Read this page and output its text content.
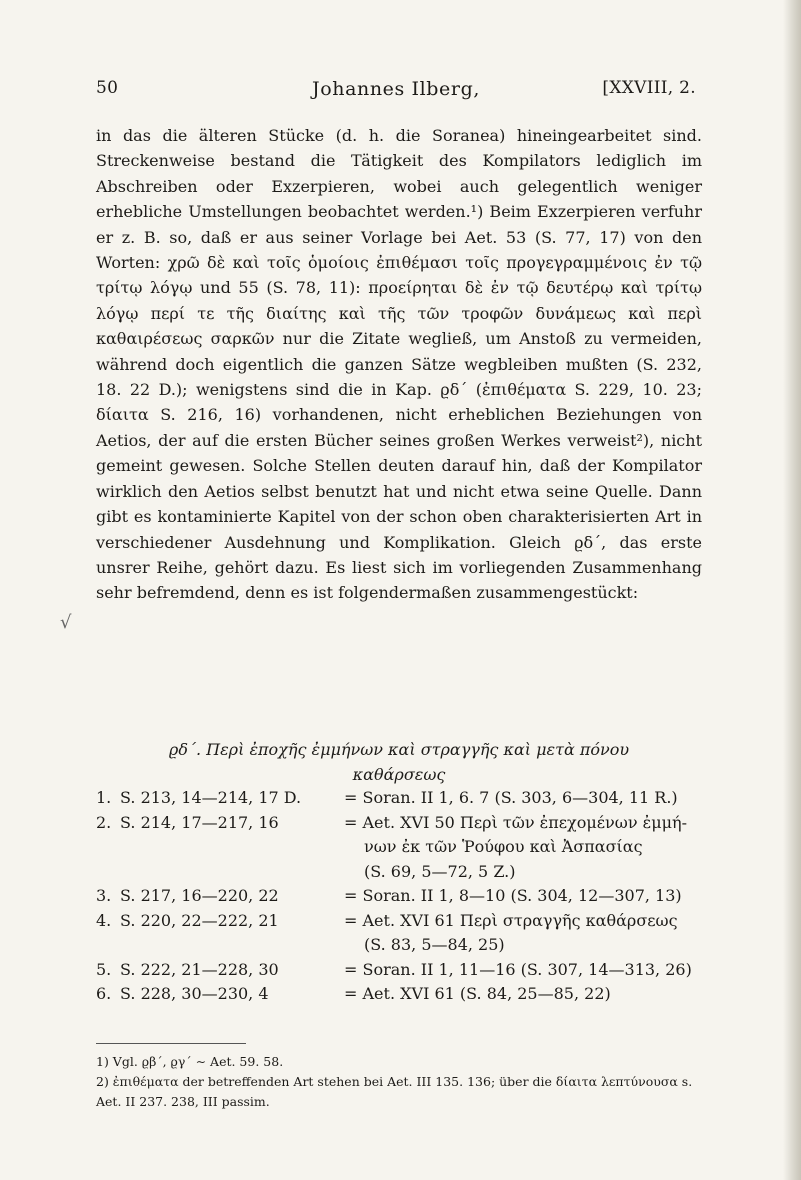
50	Johannes Ilberg,	[XXVIII, 2.

in das die älteren Stücke (d. h. die Soranea) hineingearbeitet sind. Streckenweise bestand die Tätigkeit des Kompilators lediglich im Abschreiben oder Exzerpieren, wobei auch gelegentlich weniger erhebliche Umstellungen beobachtet werden.¹) Beim Exzerpieren verfuhr er z. B. so, daß er aus seiner Vorlage bei Aet. 53 (S. 77, 17) von den Worten: χρῶ δὲ καὶ τοῖς ὁμοίοις ἐπιθέμασι τοῖς προγεγραμμένοις ἐν τῷ τρίτῳ λόγῳ und 55 (S. 78, 11): προείρηται δὲ ἐν τῷ δευτέρῳ καὶ τρίτῳ λόγῳ περί τε τῆς διαίτης καὶ τῆς τῶν τροφῶν δυνάμεως καὶ περὶ καθαιρέσεως σαρκῶν nur die Zitate wegließ, um Anstoß zu vermeiden, während doch eigentlich die ganzen Sätze wegbleiben mußten (S. 232, 18. 22 D.); wenigstens sind die in Kap. ϱδ´ (ἐπιθέματα S. 229, 10. 23; δίαιτα S. 216, 16) vorhandenen, nicht erheblichen Beziehungen von Aetios, der auf die ersten Bücher seines großen Werkes verweist²), nicht gemeint gewesen. Solche Stellen deuten darauf hin, daß der Kompilator wirklich den Aetios selbst benutzt hat und nicht etwa seine Quelle. Dann gibt es kontaminierte Kapitel von der schon oben charakterisierten Art in verschiedener Ausdehnung und Komplikation. Gleich ϱδ´, das erste unsrer Reihe, gehört dazu. Es liest sich im vorliegenden Zusammenhang sehr befremdend, denn es ist folgendermaßen zusammengestückt:

√
ϱδ´. Περὶ ἐποχῆς ἐμμήνων καὶ στραγγῆς καὶ μετὰ πόνου
καθάρσεως
1. S. 213, 14—214, 17 D.	= Soran. II 1, 6. 7 (S. 303, 6—304, 11 R.)
2. S. 214, 17—217, 16	= Aet. XVI 50 Περὶ τῶν ἐπεχομένων ἐμμή-
νων ἐκ τῶν Ῥούφου καὶ Ἀσπασίας
(S. 69, 5—72, 5 Z.)
3. S. 217, 16—220, 22	= Soran. II 1, 8—10 (S. 304, 12—307, 13)
4. S. 220, 22—222, 21	= Aet. XVI 61 Περὶ στραγγῆς καθάρσεως
(S. 83, 5—84, 25)
5. S. 222, 21—228, 30	= Soran. II 1, 11—16 (S. 307, 14—313, 26)
6. S. 228, 30—230, 4	= Aet. XVI 61 (S. 84, 25—85, 22)

1) Vgl. ϱβ´, ϱγ´ ∼ Aet. 59. 58.

2) ἐπιθέματα der betreffenden Art stehen bei Aet. III 135. 136; über die δίαιτα λεπτύνουσα s. Aet. II 237. 238, III passim.
